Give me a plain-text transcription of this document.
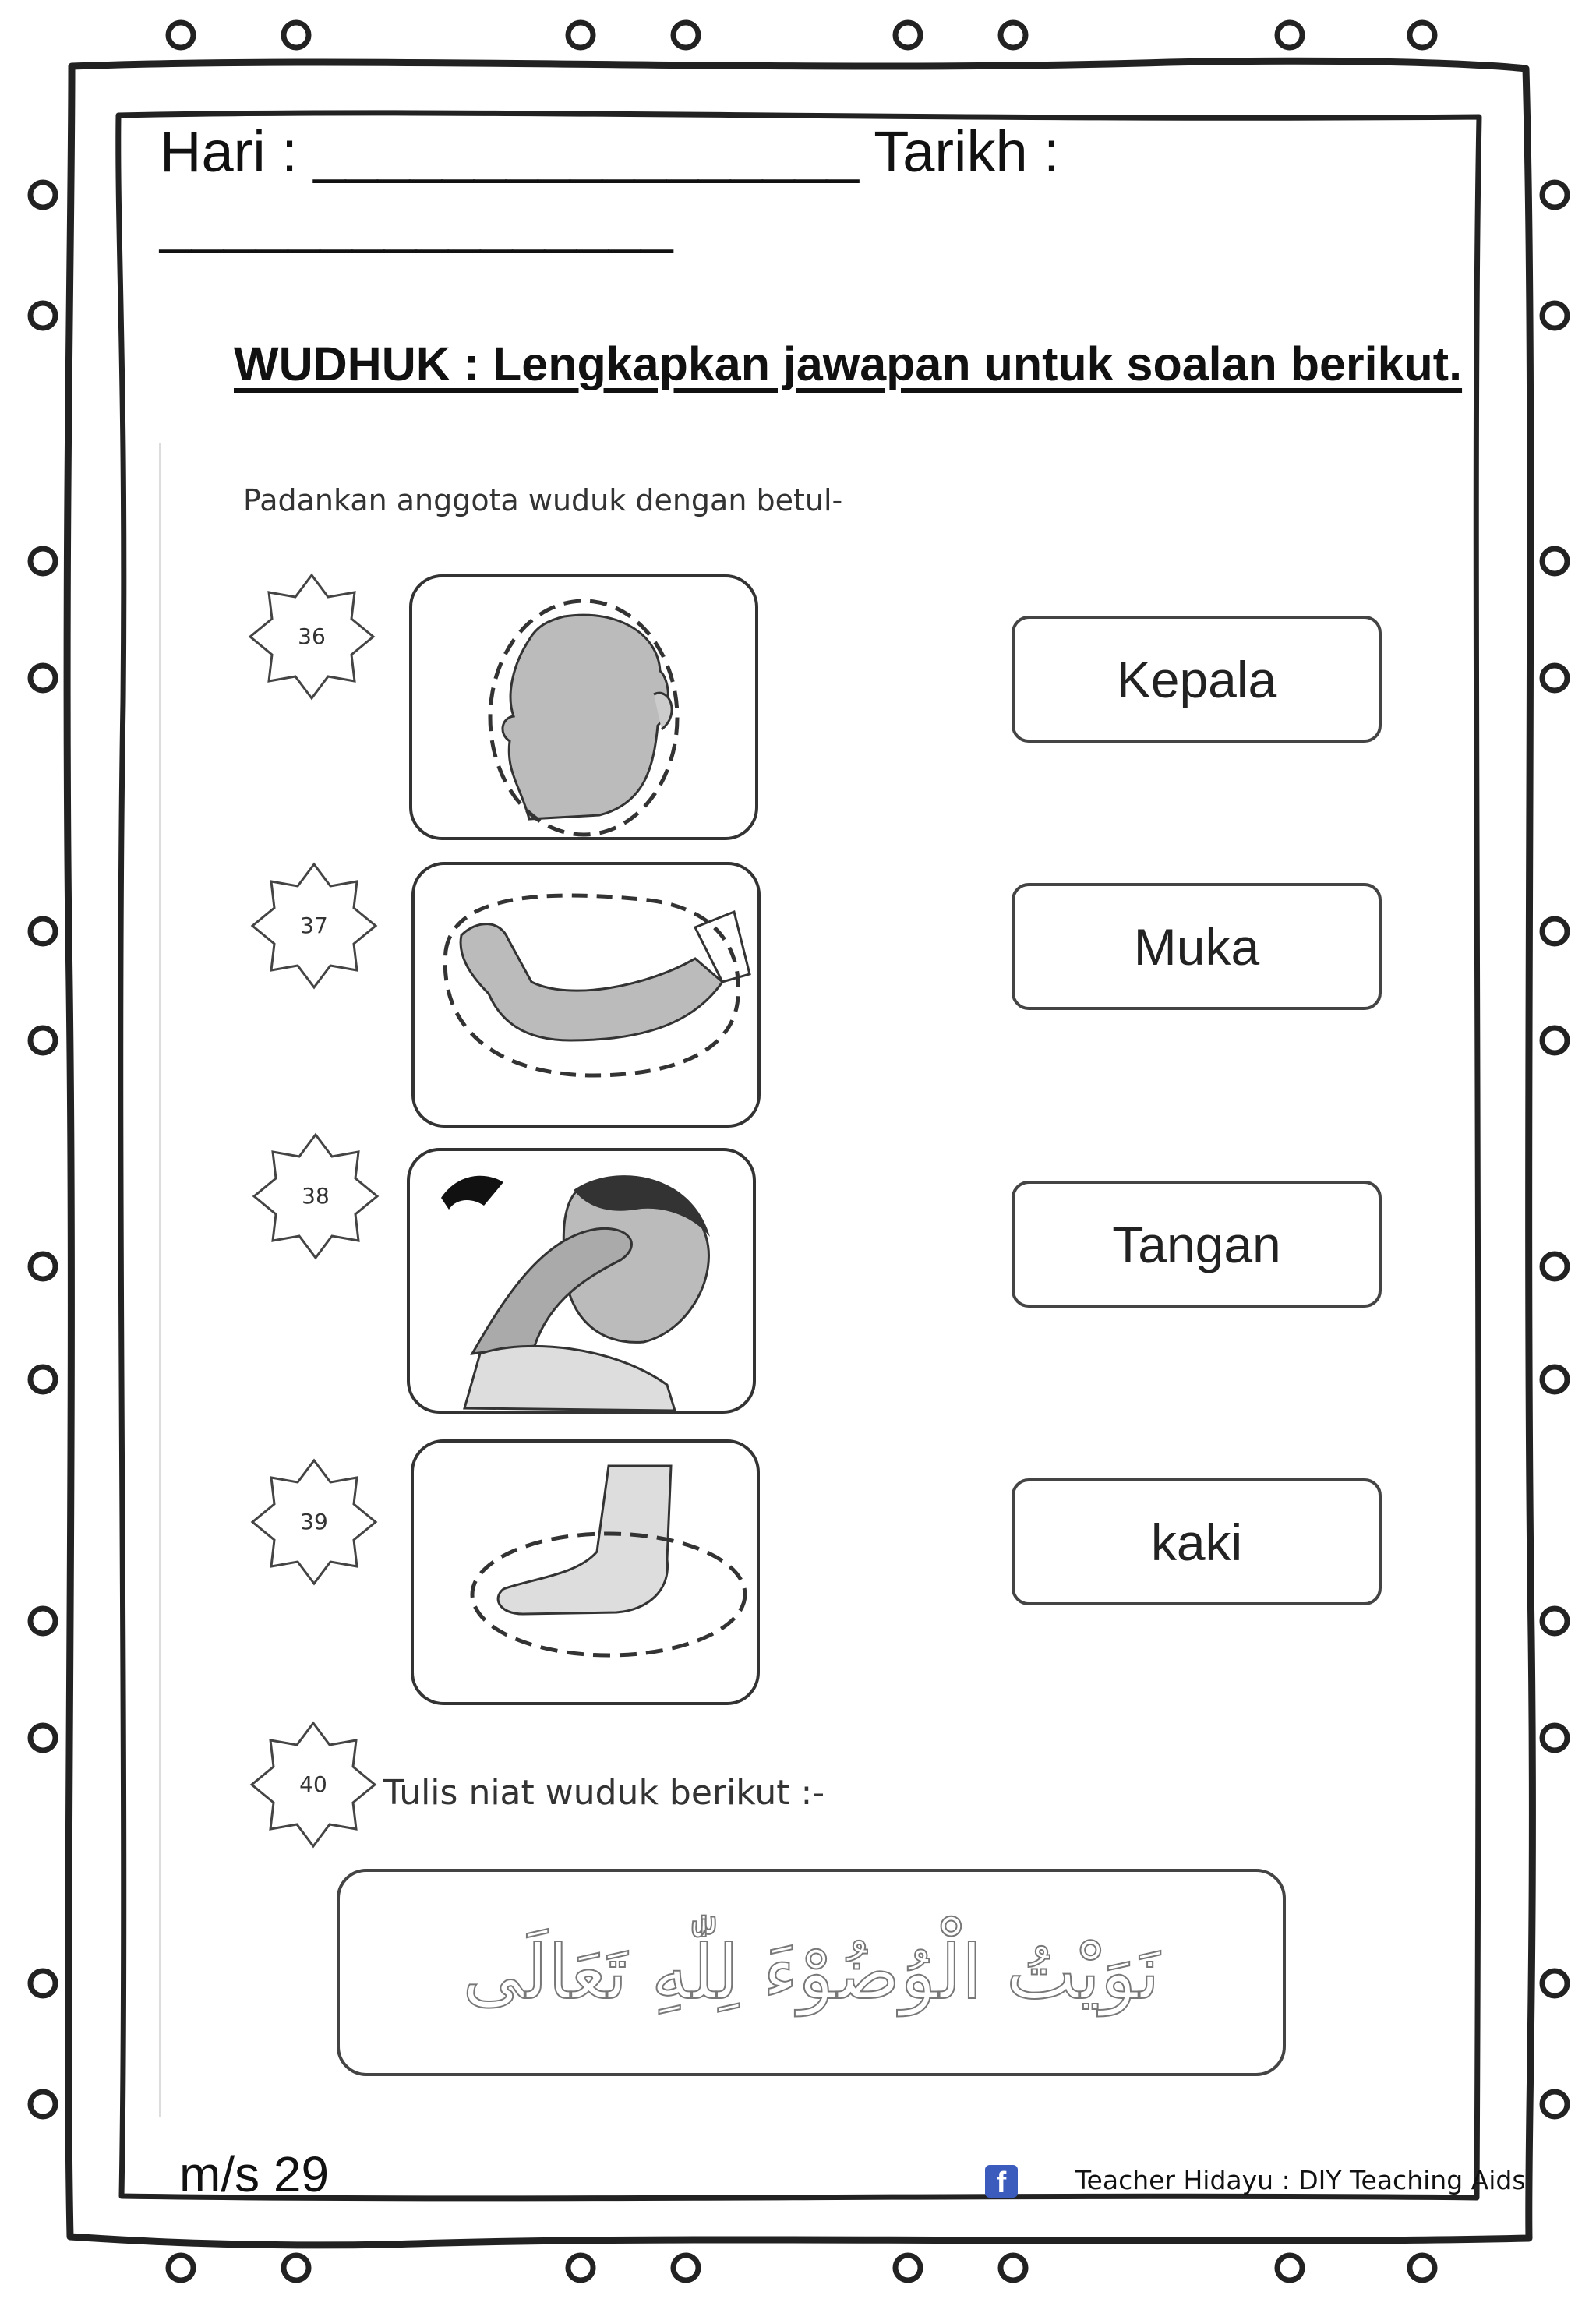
Hari : _________________ Tarikh :
________________
WUDHUK : Lengkapkan jawapan untuk soalan berikut.
Padankan anggota wuduk dengan betul-
36
Kepala
37	Muka
38
Tangan
39	kaki
40	Tulis niat wuduk berikut :-
نَوَيْتُ الْوُضُوْءَ لِلّٰهِ تَعَالَى
m/s 29	f	Teacher Hidayu : DIY Teaching Aids
